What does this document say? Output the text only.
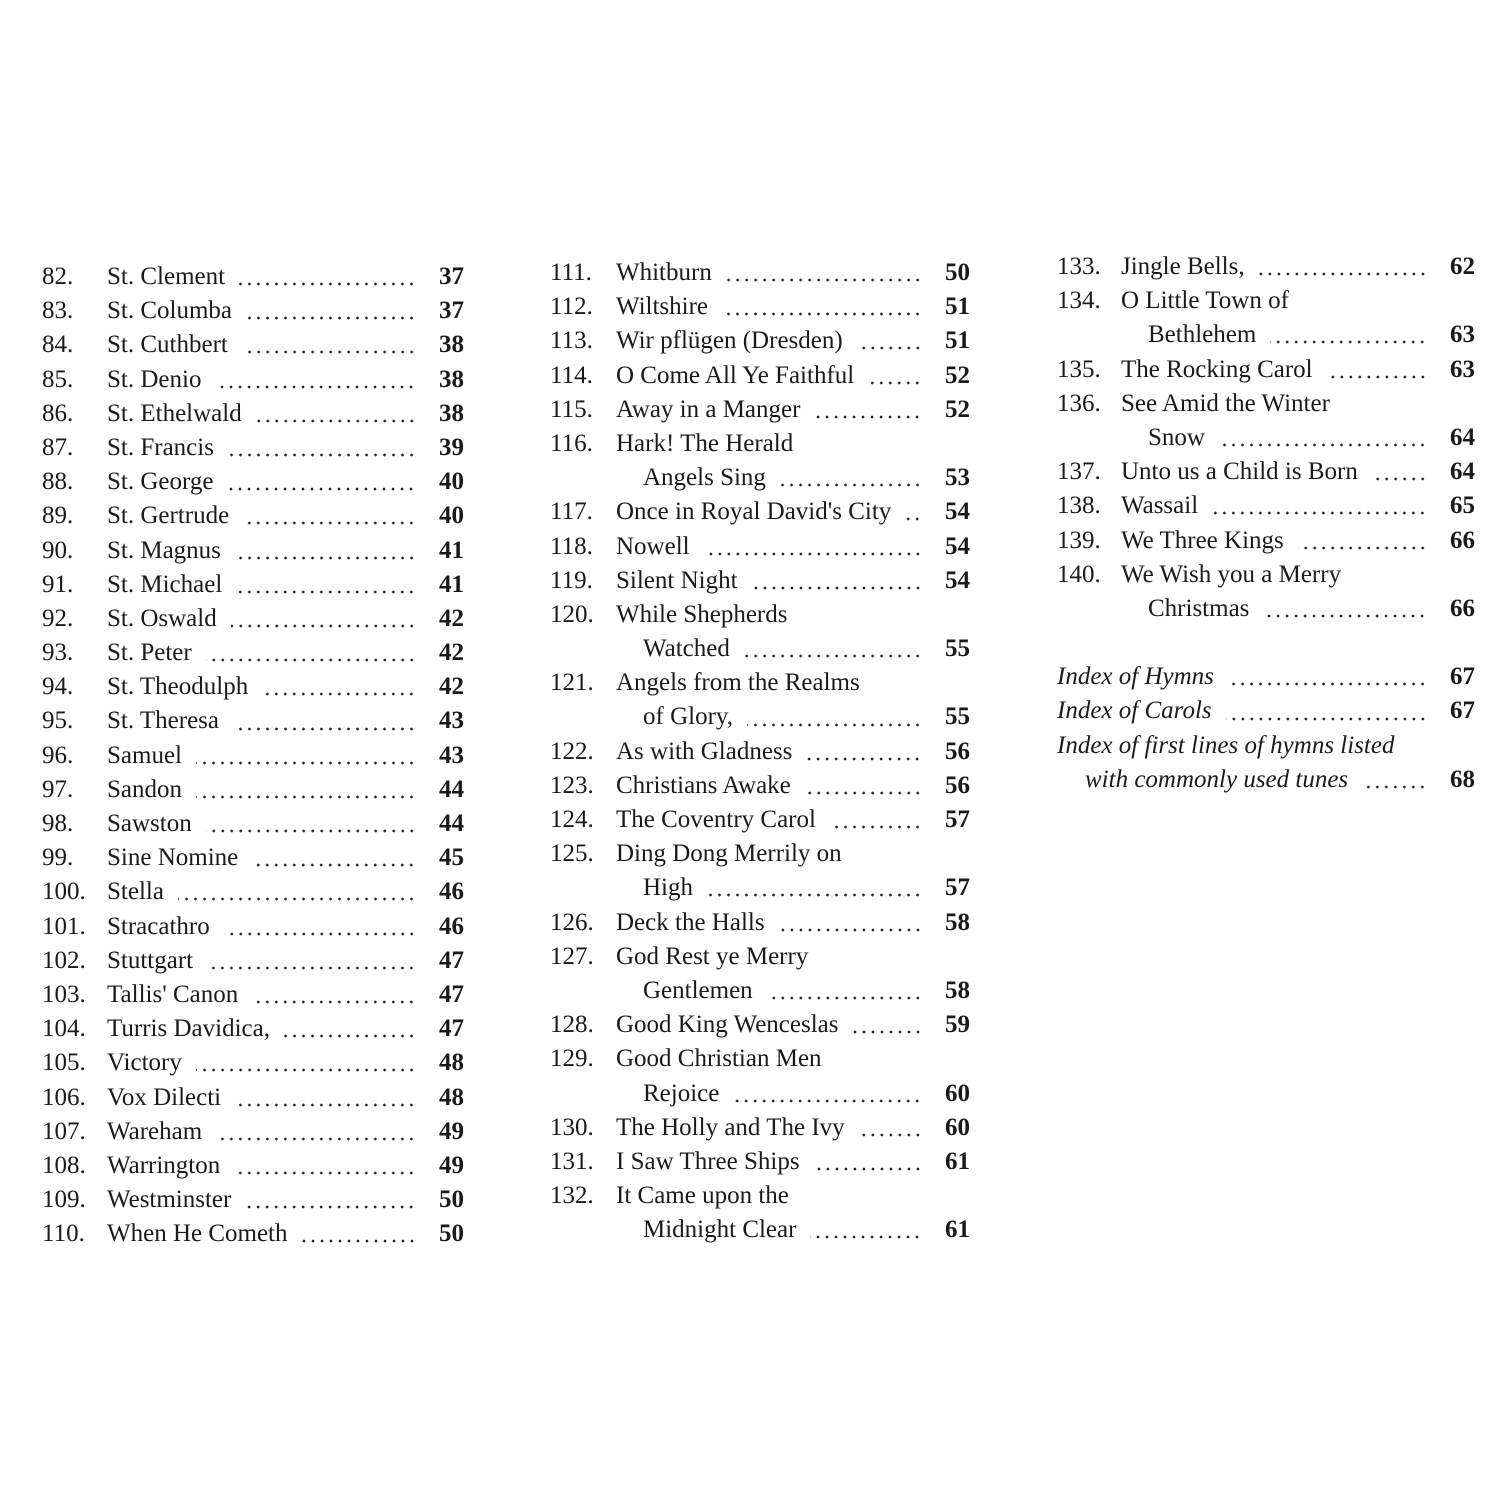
82.	St. Clement	37
83.	St. Columba	37
84.	St. Cuthbert	38
85.	St. Denio	38
86.	St. Ethelwald	38
87.	St. Francis	39
88.	St. George	40
89.	St. Gertrude	40
90.	St. Magnus	41
91.	St. Michael	41
92.	St. Oswald	42
93.	St. Peter	42
94.	St. Theodulph	42
95.	St. Theresa	43
96.	Samuel	43
97.	Sandon	44
98.	Sawston	44
99.	Sine Nomine	45
100. Stella	46
101. Stracathro	46
102. Stuttgart	47
103. Tallis' Canon	47
104. Turris Davidica,	47
105. Victory	48
106. Vox Dilecti	48
107. Wareham	49
108. Warrington	49
109. Westminster	50
110. When He Cometh	50
111. Whitburn	50
112. Wiltshire	51
113. Wir pflügen (Dresden)	51
114. O Come All Ye Faithful	52
115. Away in a Manger	52
116. Hark! The Herald
Angels Sing	53
117. Once in Royal David's City	54
118. Nowell	54
119. Silent Night	54
120. While Shepherds
Watched	55
121. Angels from the Realms
of Glory,	55
122. As with Gladness	56
123. Christians Awake	56
124. The Coventry Carol	57
125. Ding Dong Merrily on
High	57
126. Deck the Halls	58
127. God Rest ye Merry
Gentlemen	58
128. Good King Wenceslas	59
129. Good Christian Men
Rejoice	60
130. The Holly and The Ivy	60
131. I Saw Three Ships	61
132. It Came upon the
Midnight Clear	61
133. Jingle Bells,	62
134. O Little Town of
Bethlehem	63
135. The Rocking Carol	63
136. See Amid the Winter
Snow	64
137. Unto us a Child is Born	64
138. Wassail	65
139. We Three Kings	66
140. We Wish you a Merry
Christmas	66
Index of Hymns	67
Index of Carols	67
Index of first lines of hymns listed
with commonly used tunes	68
